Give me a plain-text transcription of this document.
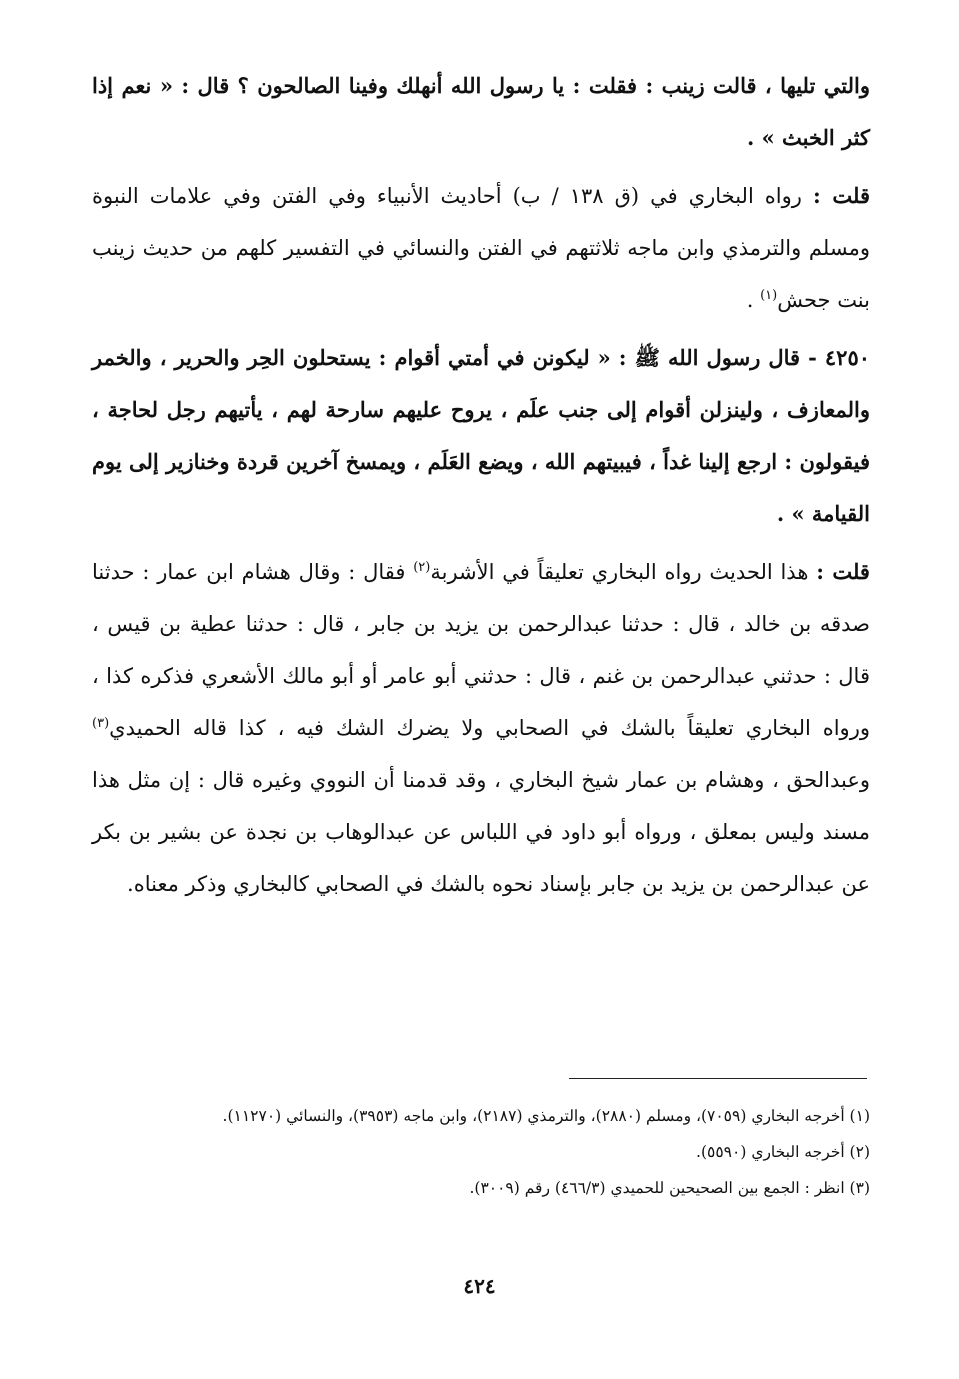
والتي تليها ، قالت زينب : فقلت : يا رسول الله أنهلك وفينا الصالحون ؟ قال : « نعم إذا كثر الخبث » .

قلت : رواه البخاري في (ق ١٣٨ / ب) أحاديث الأنبياء وفي الفتن وفي علامات النبوة ومسلم والترمذي وابن ماجه ثلاثتهم في الفتن والنسائي في التفسير كلهم من حديث زينب بنت جحش$^{(١)}$ .

٤٢٥٠ - قال رسول الله ﷺ : « ليكونن في أمتي أقوام : يستحلون الحِر والحرير ، والخمر والمعازف ، ولينزلن أقوام إلى جنب علَم ، يروح عليهم سارحة لهم ، يأتيهم رجل لحاجة ، فيقولون : ارجع إلينا غداً ، فيبيتهم الله ، ويضع العَلَم ، ويمسخ آخرين قردة وخنازير إلى يوم القيامة » .

قلت : هذا الحديث رواه البخاري تعليقاً في الأشربة$^{(٢)}$ فقال : وقال هشام ابن عمار : حدثنا صدقه بن خالد ، قال : حدثنا عبدالرحمن بن يزيد بن جابر ، قال : حدثنا عطية بن قيس ، قال : حدثني عبدالرحمن بن غنم ، قال : حدثني أبو عامر أو أبو مالك الأشعري فذكره كذا ، ورواه البخاري تعليقاً بالشك في الصحابي ولا يضرك الشك فيه ، كذا قاله الحميدي$^{(٣)}$ وعبدالحق ، وهشام بن عمار شيخ البخاري ، وقد قدمنا أن النووي وغيره قال : إن مثل هذا مسند وليس بمعلق ، ورواه أبو داود في اللباس عن عبدالوهاب بن نجدة عن بشير بن بكر عن عبدالرحمن بن يزيد بن جابر بإسناد نحوه بالشك في الصحابي كالبخاري وذكر معناه.

(١) أخرجه البخاري (٧٠٥٩)، ومسلم (٢٨٨٠)، والترمذي (٢١٨٧)، وابن ماجه (٣٩٥٣)، والنسائي (١١٢٧٠).

(٢) أخرجه البخاري (٥٥٩٠).

(٣) انظر : الجمع بين الصحيحين للحميدي (٤٦٦/٣) رقم (٣٠٠٩).

٤٢٤
